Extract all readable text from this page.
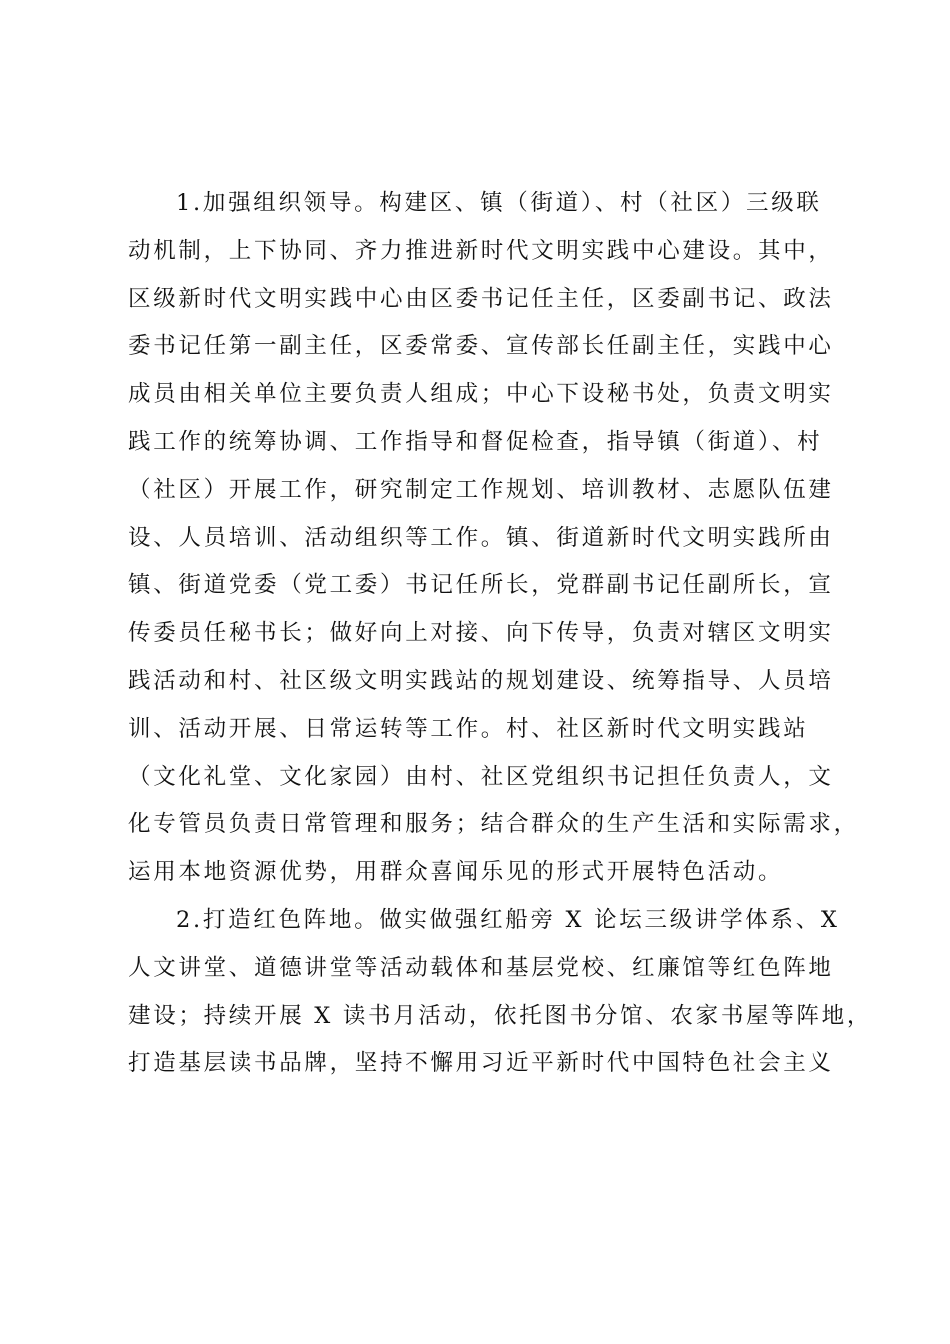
1.加强组织领导。构建区、镇（街道）、村（社区）三级联
动机制，上下协同、齐力推进新时代文明实践中心建设。其中，
区级新时代文明实践中心由区委书记任主任，区委副书记、政法
委书记任第一副主任，区委常委、宣传部长任副主任，实践中心
成员由相关单位主要负责人组成；中心下设秘书处，负责文明实
践工作的统筹协调、工作指导和督促检查，指导镇（街道）、村
（社区）开展工作，研究制定工作规划、培训教材、志愿队伍建
设、人员培训、活动组织等工作。镇、街道新时代文明实践所由
镇、街道党委（党工委）书记任所长，党群副书记任副所长，宣
传委员任秘书长；做好向上对接、向下传导，负责对辖区文明实
践活动和村、社区级文明实践站的规划建设、统筹指导、人员培
训、活动开展、日常运转等工作。村、社区新时代文明实践站
（文化礼堂、文化家园）由村、社区党组织书记担任负责人，文
化专管员负责日常管理和服务；结合群众的生产生活和实际需求，
运用本地资源优势，用群众喜闻乐见的形式开展特色活动。
2.打造红色阵地。做实做强红船旁 X 论坛三级讲学体系、X
人文讲堂、道德讲堂等活动载体和基层党校、红廉馆等红色阵地
建设；持续开展 X 读书月活动，依托图书分馆、农家书屋等阵地，
打造基层读书品牌，坚持不懈用习近平新时代中国特色社会主义
